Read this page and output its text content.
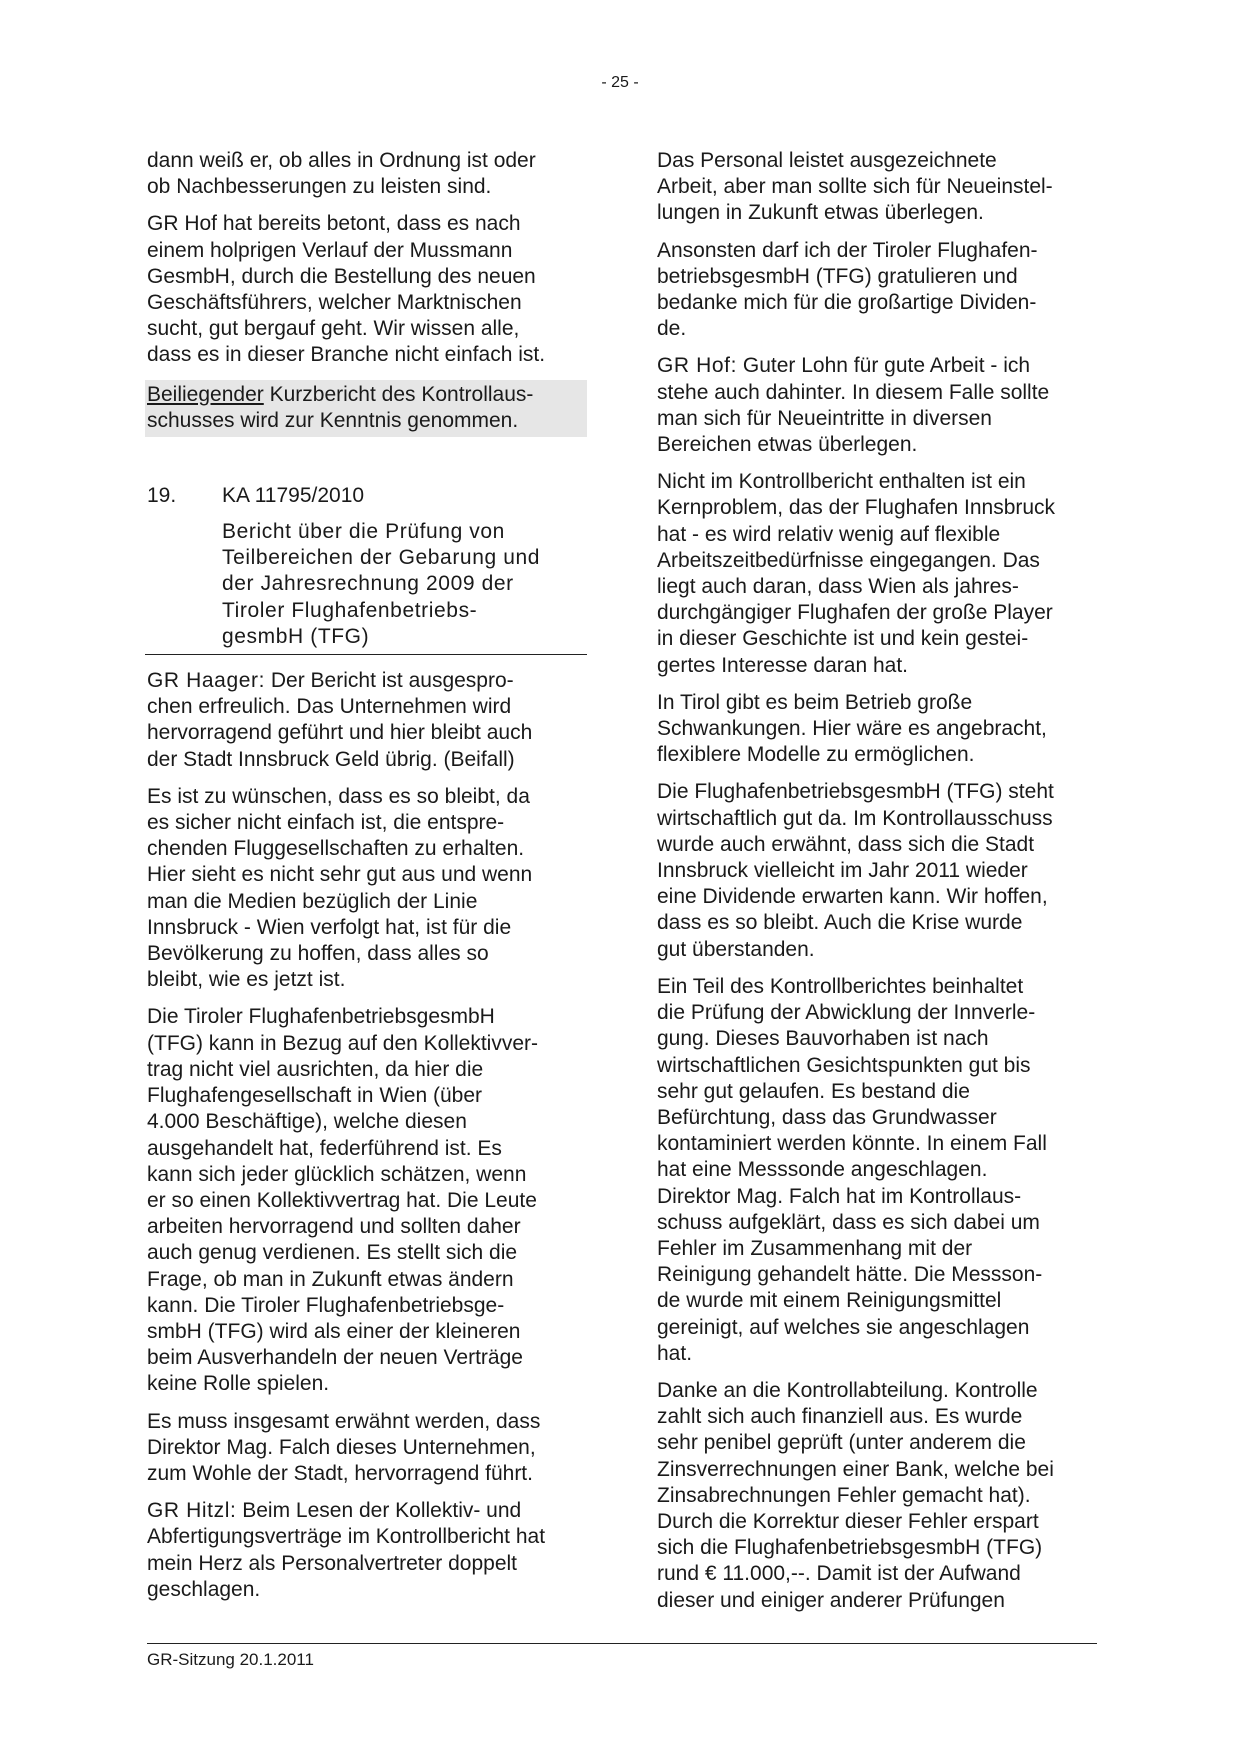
- 25 -

dann weiß er, ob alles in Ordnung ist oder
ob Nachbesserungen zu leisten sind.

GR Hof hat bereits betont, dass es nach
einem holprigen Verlauf der Mussmann
GesmbH, durch die Bestellung des neuen
Geschäftsführers, welcher Marktnischen
sucht, gut bergauf geht. Wir wissen alle,
dass es in dieser Branche nicht einfach ist.

Beiliegender Kurzbericht des Kontrollaus-
schusses wird zur Kenntnis genommen.

19.	KA 11795/2010
Bericht über die Prüfung von
Teilbereichen der Gebarung und
der Jahresrechnung 2009 der
Tiroler Flughafenbetriebs-
gesmbH (TFG)

GR Haager: Der Bericht ist ausgespro-
chen erfreulich. Das Unternehmen wird
hervorragend geführt und hier bleibt auch
der Stadt Innsbruck Geld übrig. (Beifall)

Es ist zu wünschen, dass es so bleibt, da
es sicher nicht einfach ist, die entspre-
chenden Fluggesellschaften zu erhalten.
Hier sieht es nicht sehr gut aus und wenn
man die Medien bezüglich der Linie
Innsbruck - Wien verfolgt hat, ist für die
Bevölkerung zu hoffen, dass alles so
bleibt, wie es jetzt ist.

Die Tiroler FlughafenbetriebsgesmbH
(TFG) kann in Bezug auf den Kollektivver-
trag nicht viel ausrichten, da hier die
Flughafengesellschaft in Wien (über
4.000 Beschäftige), welche diesen
ausgehandelt hat, federführend ist. Es
kann sich jeder glücklich schätzen, wenn
er so einen Kollektivvertrag hat. Die Leute
arbeiten hervorragend und sollten daher
auch genug verdienen. Es stellt sich die
Frage, ob man in Zukunft etwas ändern
kann. Die Tiroler Flughafenbetriebsge-
smbH (TFG) wird als einer der kleineren
beim Ausverhandeln der neuen Verträge
keine Rolle spielen.

Es muss insgesamt erwähnt werden, dass
Direktor Mag. Falch dieses Unternehmen,
zum Wohle der Stadt, hervorragend führt.

GR Hitzl: Beim Lesen der Kollektiv- und
Abfertigungsverträge im Kontrollbericht hat
mein Herz als Personalvertreter doppelt
geschlagen.

Das Personal leistet ausgezeichnete
Arbeit, aber man sollte sich für Neueinstel-
lungen in Zukunft etwas überlegen.

Ansonsten darf ich der Tiroler Flughafen-
betriebsgesmbH (TFG) gratulieren und
bedanke mich für die großartige Dividen-
de.

GR Hof: Guter Lohn für gute Arbeit - ich
stehe auch dahinter. In diesem Falle sollte
man sich für Neueintritte in diversen
Bereichen etwas überlegen.

Nicht im Kontrollbericht enthalten ist ein
Kernproblem, das der Flughafen Innsbruck
hat - es wird relativ wenig auf flexible
Arbeitszeitbedürfnisse eingegangen. Das
liegt auch daran, dass Wien als jahres-
durchgängiger Flughafen der große Player
in dieser Geschichte ist und kein gestei-
gertes Interesse daran hat.

In Tirol gibt es beim Betrieb große
Schwankungen. Hier wäre es angebracht,
flexiblere Modelle zu ermöglichen.

Die FlughafenbetriebsgesmbH (TFG) steht
wirtschaftlich gut da. Im Kontrollausschuss
wurde auch erwähnt, dass sich die Stadt
Innsbruck vielleicht im Jahr 2011 wieder
eine Dividende erwarten kann. Wir hoffen,
dass es so bleibt. Auch die Krise wurde
gut überstanden.

Ein Teil des Kontrollberichtes beinhaltet
die Prüfung der Abwicklung der Innverle-
gung. Dieses Bauvorhaben ist nach
wirtschaftlichen Gesichtspunkten gut bis
sehr gut gelaufen. Es bestand die
Befürchtung, dass das Grundwasser
kontaminiert werden könnte. In einem Fall
hat eine Messsonde angeschlagen.
Direktor Mag. Falch hat im Kontrollaus-
schuss aufgeklärt, dass es sich dabei um
Fehler im Zusammenhang mit der
Reinigung gehandelt hätte. Die Messson-
de wurde mit einem Reinigungsmittel
gereinigt, auf welches sie angeschlagen
hat.

Danke an die Kontrollabteilung. Kontrolle
zahlt sich auch finanziell aus. Es wurde
sehr penibel geprüft (unter anderem die
Zinsverrechnungen einer Bank, welche bei
Zinsabrechnungen Fehler gemacht hat).
Durch die Korrektur dieser Fehler erspart
sich die FlughafenbetriebsgesmbH (TFG)
rund € 11.000,--. Damit ist der Aufwand
dieser und einiger anderer Prüfungen

GR-Sitzung 20.1.2011
